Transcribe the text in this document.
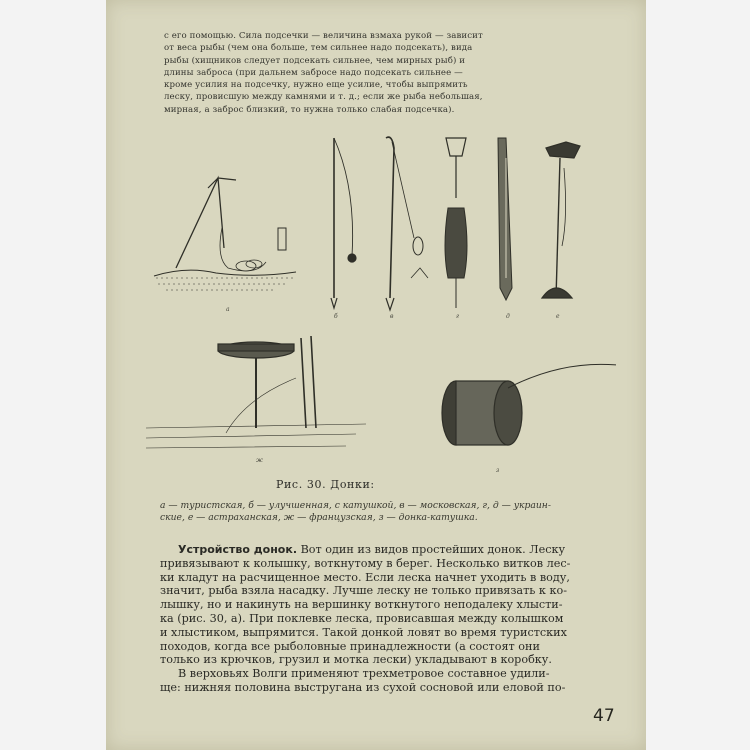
с его помощью. Сила подсечки — величина взмаха рукой — зависит
от веса рыбы (чем она больше, тем сильнее надо подсекать), вида
рыбы (хищников следует подсекать сильнее, чем мирных рыб) и
длины заброса (при дальнем забросе надо подсекать сильнее —
кроме усилия на подсечку, нужно еще усилие, чтобы выпрямить
леску, провисшую между камнями и т. д.; если же рыба небольшая,
мирная, а заброс близкий, то нужна только слабая подсечка).
а
б	в	г	д	е
ж
з
Рис. 30. Донки:
а — туристская, б — улучшенная, с катушкой, в — московская, г, д — украин-
ские, е — астраханская, ж — французская, з — донка-катушка.
Устройство донок. Вот один из видов простейших донок. Леску
привязывают к колышку, воткнутому в берег. Несколько витков лес-
ки кладут на расчищенное место. Если леска начнет уходить в воду,
значит, рыба взяла насадку. Лучше леску не только привязать к ко-
лышку, но и накинуть на вершинку воткнутого неподалеку хлысти-
ка (рис. 30, а). При поклевке леска, провисавшая между колышком
и хлыстиком, выпрямится. Такой донкой ловят во время туристских
походов, когда все рыболовные принадлежности (а состоят они
только из крючков, грузил и мотка лески) укладывают в коробку.
В верховьях Волги применяют трехметровое составное удили-
ще: нижняя половина выстругана из сухой сосновой или еловой по-
47
